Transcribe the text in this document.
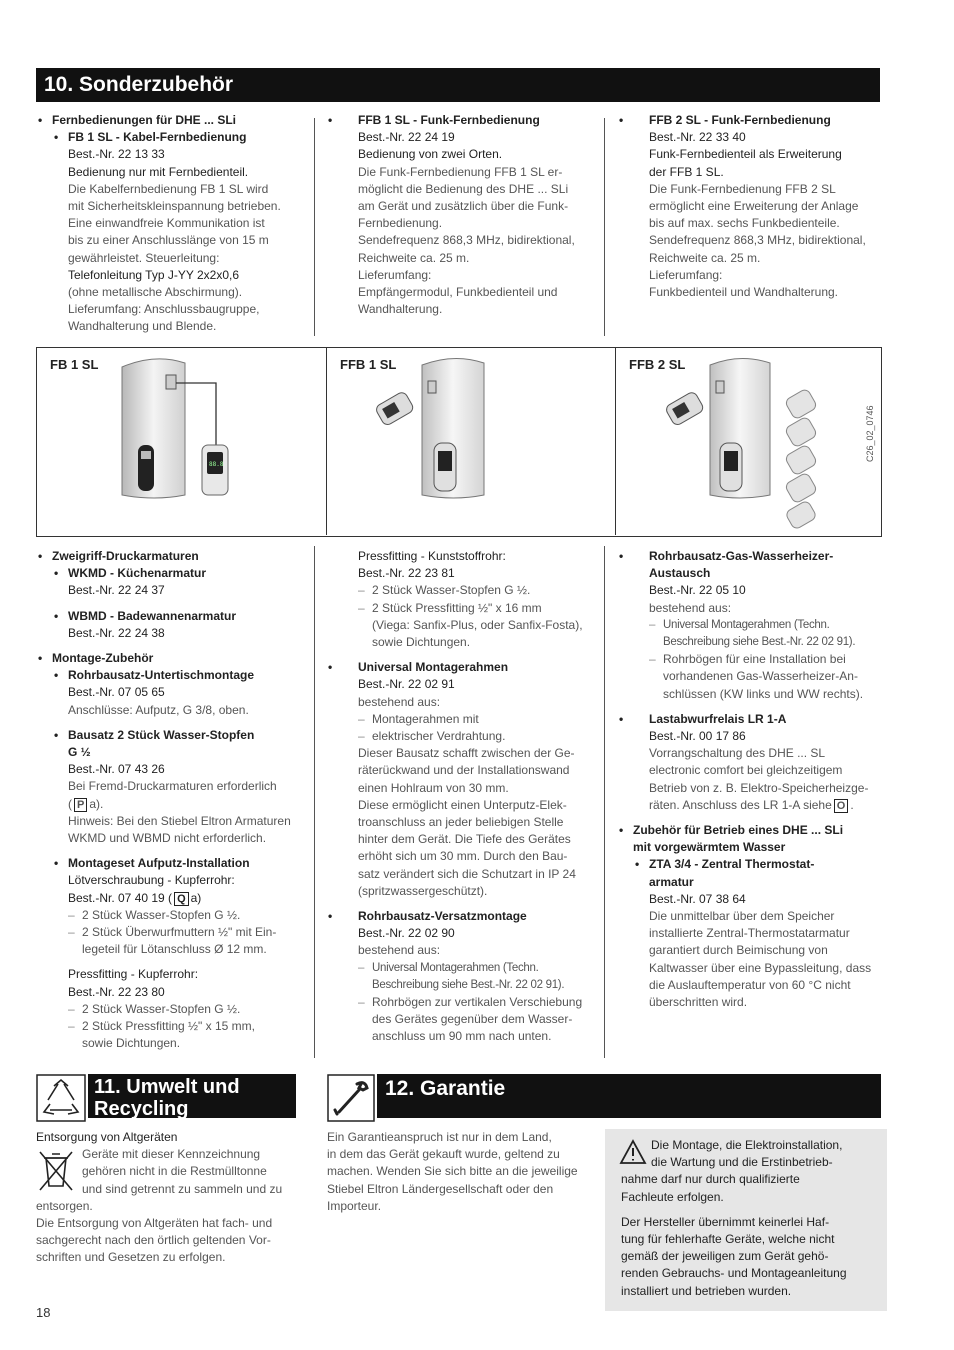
10. Sonderzubehör
• Fernbedienungen für DHE ... SLi
• FB 1 SL - Kabel-Fernbedienung
Best.-Nr. 22 13 33
Bedienung nur mit Fernbedienteil.
Die Kabelfernbedienung FB 1 SL wird
mit Sicherheitskleinspannung betrieben.
Eine einwandfreie Kommunikation ist
bis zu einer Anschlusslänge von 15 m
gewährleistet. Steuerleitung:
Telefonleitung Typ J-YY 2x2x0,6
(ohne metallische Abschirmung).
Lieferumfang: Anschlussbaugruppe,
Wandhalterung und Blende.
• FFB 1 SL - Funk-Fernbedienung
Best.-Nr. 22 24 19
Bedienung von zwei Orten.
Die Funk-Fernbedienung FFB 1 SL er-
möglicht die Bedienung des DHE ... SLi
am Gerät und zusätzlich über die Funk-
Fernbedienung.
Sendefrequenz 868,3 MHz, bidirektional,
Reichweite ca. 25 m.
Lieferumfang:
Empfängermodul, Funkbedienteil und
Wandhalterung.
• FFB 2 SL - Funk-Fernbedienung
Best.-Nr. 22 33 40
Funk-Fernbedienteil als Erweiterung
der FFB 1 SL.
Die Funk-Fernbedienung FFB 2 SL
ermöglicht eine Erweiterung der Anlage
bis auf max. sechs Funkbedienteile.
Sendefrequenz 868,3 MHz, bidirektional,
Reichweite ca. 25 m.
Lieferumfang:
Funkbedienteil und Wandhalterung.
FB 1 SL	FFB 1 SL	FFB 2 SL
C26_02_0746
88.8
• Zweigriff-Druckarmaturen
• WKMD - Küchenarmatur
Best.-Nr. 22 24 37
• WBMD - Badewannenarmatur
Best.-Nr. 22 24 38
• Montage-Zubehör
• Rohrbausatz-Untertischmontage
Best.-Nr. 07 05 65
Anschlüsse: Aufputz, G 3/8, oben.
• Bausatz 2 Stück Wasser-Stopfen
G ½
Best.-Nr. 07 43 26
Bei Fremd-Druckarmaturen erforderlich
( P a).
Hinweis: Bei den Stiebel Eltron Armaturen
WKMD und WBMD nicht erforderlich.
• Montageset Aufputz-Installation
Lötverschraubung - Kupferrohr:
Best.-Nr. 07 40 19 ( Q a)
– 2 Stück Wasser-Stopfen G ½.
– 2 Stück Überwurfmuttern ½" mit Ein-
legeteil für Lötanschluss Ø 12 mm.
Pressfitting - Kupferrohr:
Best.-Nr. 22 23 80
– 2 Stück Wasser-Stopfen G ½.
– 2 Stück Pressfitting ½" x 15 mm,
sowie Dichtungen.
Pressfitting - Kunststoffrohr:
Best.-Nr. 22 23 81
– 2 Stück Wasser-Stopfen G ½.
– 2 Stück Pressfitting ½" x 16 mm
(Viega: Sanfix-Plus, oder Sanfix-Fosta),
sowie Dichtungen.
• Universal Montagerahmen
Best.-Nr. 22 02 91
bestehend aus:
– Montagerahmen mit
– elektrischer Verdrahtung.
Dieser Bausatz schafft zwischen der Ge-
räterückwand und der Installationswand
einen Hohlraum von 30 mm.
Diese ermöglicht einen Unterputz-Elek-
troanschluss an jeder beliebigen Stelle
hinter dem Gerät. Die Tiefe des Gerätes
erhöht sich um 30 mm. Durch den Bau-
satz verändert sich die Schutzart in IP 24
(spritzwassergeschützt).
• Rohrbausatz-Versatzmontage
Best.-Nr. 22 02 90
bestehend aus:
– Universal Montagerahmen (Techn.
Beschreibung siehe Best.-Nr. 22 02 91).
– Rohrbögen zur vertikalen Verschiebung
des Gerätes gegenüber dem Wasser-
anschluss um 90 mm nach unten.
• Rohrbausatz-Gas-Wasserheizer-
Austausch
Best.-Nr. 22 05 10
bestehend aus:
– Universal Montagerahmen (Techn.
Beschreibung siehe Best.-Nr. 22 02 91).
– Rohrbögen für eine Installation bei
vorhandenen Gas-Wasserheizer-An-
schlüssen (KW links und WW rechts).
• Lastabwurfrelais LR 1-A
Best.-Nr. 00 17 86
Vorrangschaltung des DHE ... SL
electronic comfort bei gleichzeitigem
Betrieb von z. B. Elektro-Speicherheizge-
räten. Anschluss des LR 1-A siehe O .
• Zubehör für Betrieb eines DHE ... SLi
mit vorgewärmtem Wasser
• ZTA 3/4 - Zentral Thermostat-
armatur
Best.-Nr. 07 38 64
Die unmittelbar über dem Speicher
installierte Zentral-Thermostatarmatur
garantiert durch Beimischung von
Kaltwasser über eine Bypassleitung, dass
die Auslauftemperatur von 60 °C nicht
überschritten wird.
11. Umwelt und
Recycling
Entsorgung von Altgeräten
Geräte mit dieser Kennzeichnung
gehören nicht in die Restmülltonne
und sind getrennt zu sammeln und zu
entsorgen.
Die Entsorgung von Altgeräten hat fach- und
sachgerecht nach den örtlich geltenden Vor-
schriften und Gesetzen zu erfolgen.
12. Garantie
Ein Garantieanspruch ist nur in dem Land,
in dem das Gerät gekauft wurde, geltend zu
machen. Wenden Sie sich bitte an die jeweilige
Stiebel Eltron Ländergesellschaft oder den
Importeur.
Die Montage, die Elektroinstallation,
die Wartung und die Erstinbetrieb-
nahme darf nur durch qualifizierte
Fachleute erfolgen.
Der Hersteller übernimmt keinerlei Haf-
tung für fehlerhafte Geräte, welche nicht
gemäß der jeweiligen zum Gerät gehö-
renden Gebrauchs- und Montageanleitung
installiert und betrieben wurden.
18
